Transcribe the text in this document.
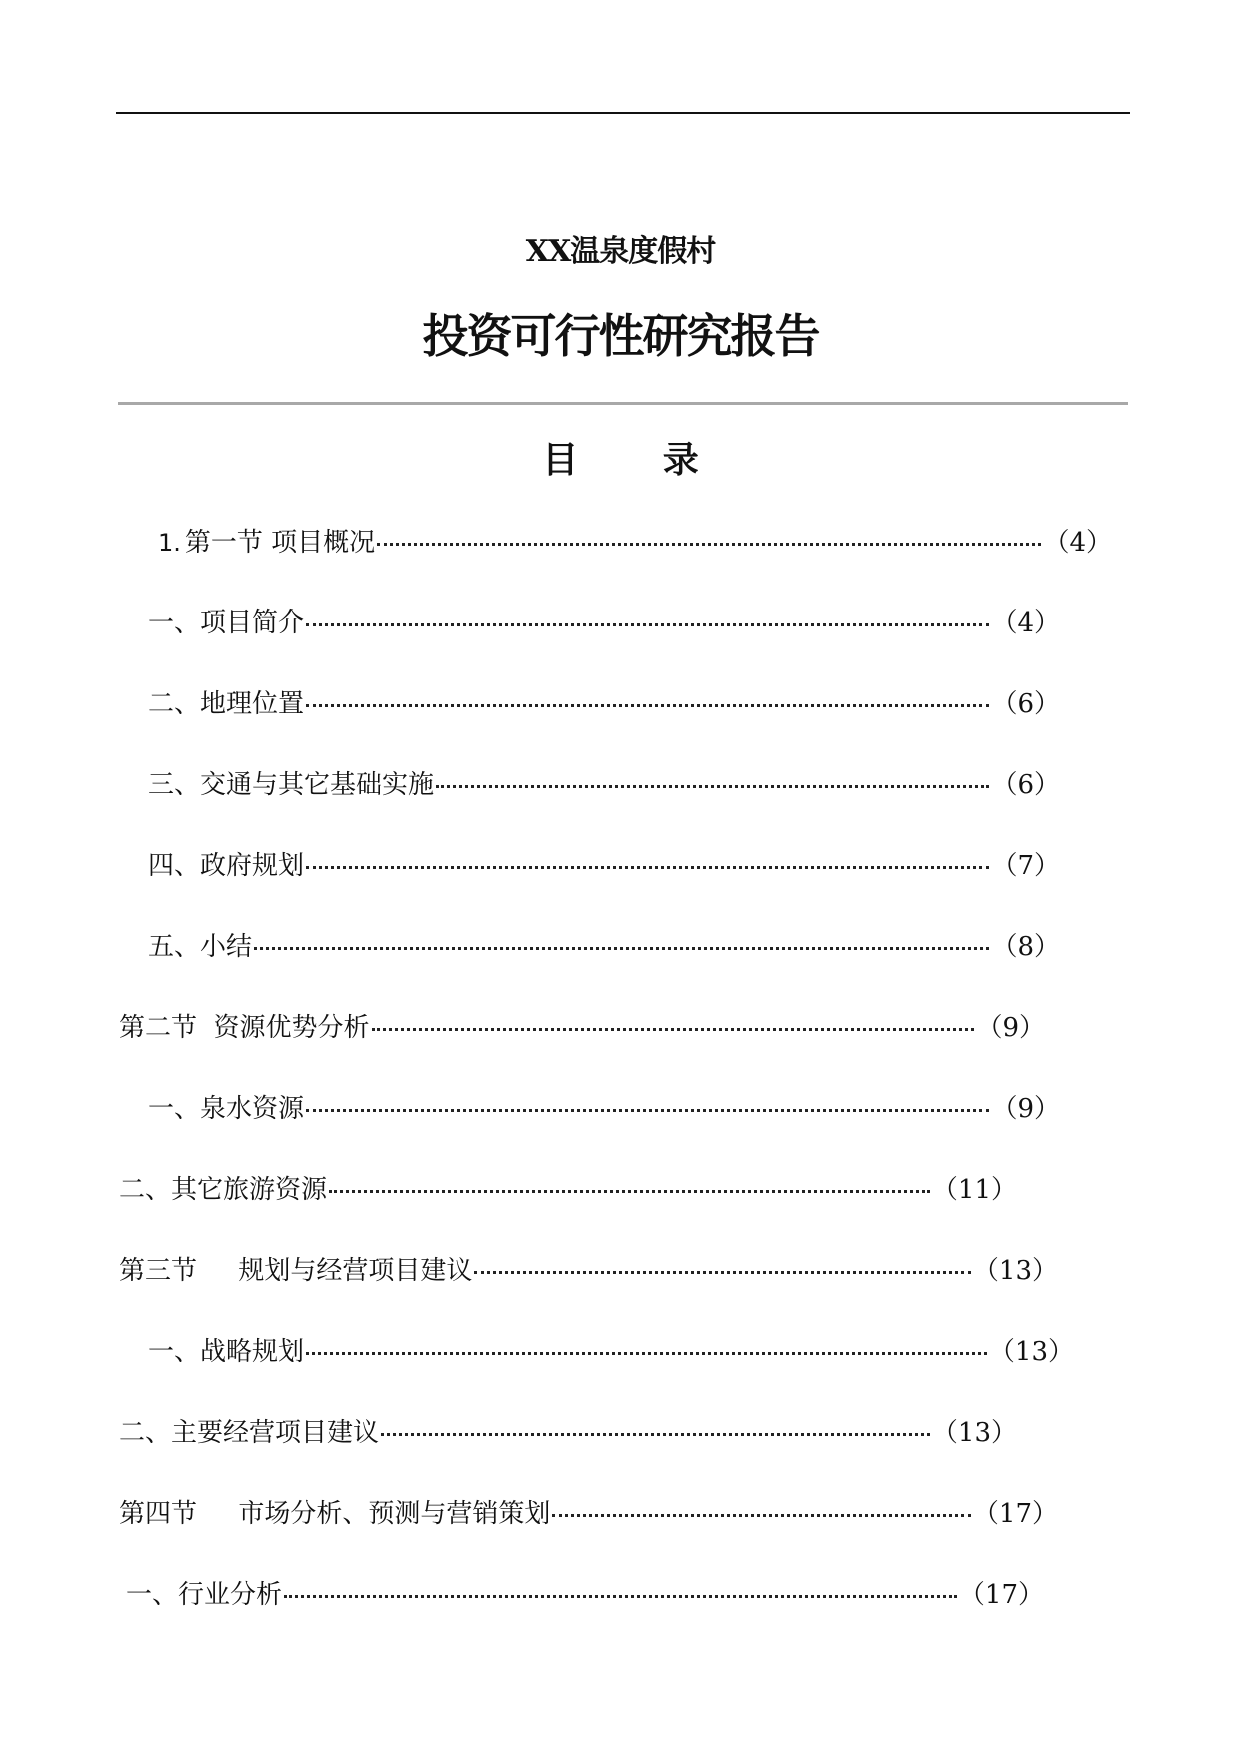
XX温泉度假村
投资可行性研究报告
目 录
1. 第一节 项目概况	（4）
一、项目简介	（4）
二、地理位置	（6）
三、交通与其它基础实施	（6）
四、政府规划	（7）
五、小结	（8）
第二节  资源优势分析	（9）
一、泉水资源	（9）
二、其它旅游资源	（11）
第三节     规划与经营项目建议	（13）
一、战略规划	（13）
二、主要经营项目建议	（13）
第四节     市场分析、预测与营销策划	（17）
一、行业分析	（17）
